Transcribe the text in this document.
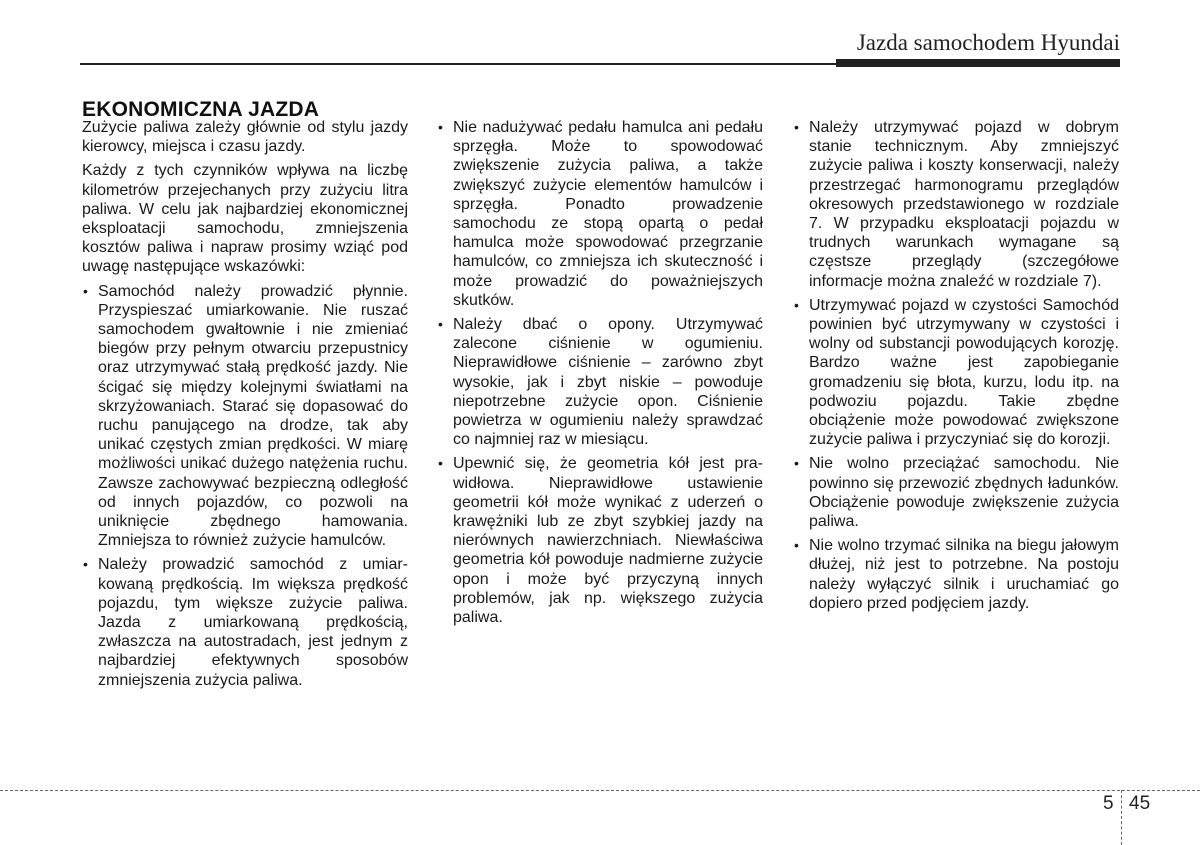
Jazda samochodem Hyundai
EKONOMICZNA JAZDA

Zużycie paliwa zależy głównie od stylu jazdy kierowcy, miejsca i czasu jazdy.

Każdy z tych czynników wpływa na liczbę kilometrów przejechanych przy zużyciu litra paliwa. W celu jak najbardziej ekonomicznej eksploatacji samochodu, zmniejszenia kosztów paliwa i napraw prosimy wziąć pod uwagę następujące wskazówki:

• Samochód należy prowadzić płynnie. Przyspieszać umiarkowanie. Nie ruszać samochodem gwałtownie i nie zmieniać biegów przy pełnym otwarciu przepustnicy oraz utrzymywać stałą prędkość jazdy. Nie ścigać się między kolejnymi światłami na skrzyżowaniach. Starać się dopasować do ruchu panującego na drodze, tak aby unikać częstych zmian prędkości. W miarę możliwości unikać dużego natężenia ruchu. Zawsze zachowywać bezpieczną odległość od innych pojazdów, co pozwoli na uniknięcie zbędnego hamowania. Zmniejsza to również zużycie hamulców.
• Należy prowadzić samochód z umiarkowaną prędkością. Im większa prędkość pojazdu, tym większe zużycie paliwa. Jazda z umiarkowaną prędkością, zwłaszcza na autostradach, jest jednym z najbardziej efektywnych sposobów zmniejszenia zużycia paliwa.
• Nie nadużywać pedału hamulca ani pedału sprzęgła. Może to spowodować zwiększenie zużycia paliwa, a także zwiększyć zużycie elementów hamulców i sprzęgła. Ponadto prowadzenie samochodu ze stopą opartą o pedał hamulca może spowodować przegrzanie hamulców, co zmniejsza ich skuteczność i może prowadzić do poważniejszych skutków.
• Należy dbać o opony. Utrzymywać zalecone ciśnienie w ogumieniu. Nieprawidłowe ciśnienie – zarówno zbyt wysokie, jak i zbyt niskie – powoduje niepotrzebne zużycie opon. Ciśnienie powietrza w ogumieniu należy sprawdzać co najmniej raz w miesiącu.
• Upewnić się, że geometria kół jest prawidłowa. Nieprawidłowe ustawienie geometrii kół może wynikać z uderzeń o krawężniki lub ze zbyt szybkiej jazdy na nierównych nawierzchniach. Niewłaściwa geometria kół powoduje nadmierne zużycie opon i może być przyczyną innych problemów, jak np. większego zużycia paliwa.
• Należy utrzymywać pojazd w dobrym stanie technicznym. Aby zmniejszyć zużycie paliwa i koszty konserwacji, należy przestrzegać harmonogramu przeglądów okresowych przedstawionego w rozdziale 7. W przypadku eksploatacji pojazdu w trudnych warunkach wymagane są częstsze przeglądy (szczegółowe informacje można znaleźć w rozdziale 7).
• Utrzymywać pojazd w czystości Samochód powinien być utrzymywany w czystości i wolny od substancji powodujących korozję. Bardzo ważne jest zapobieganie gromadzeniu się błota, kurzu, lodu itp. na podwoziu pojazdu. Takie zbędne obciążenie może powodować zwiększone zużycie paliwa i przyczyniać się do korozji.
• Nie wolno przeciążać samochodu. Nie powinno się przewozić zbędnych ładunków. Obciążenie powoduje zwiększenie zużycia paliwa.
• Nie wolno trzymać silnika na biegu jałowym dłużej, niż jest to potrzebne. Na postoju należy wyłączyć silnik i uruchamiać go dopiero przed podjęciem jazdy.
5 45
